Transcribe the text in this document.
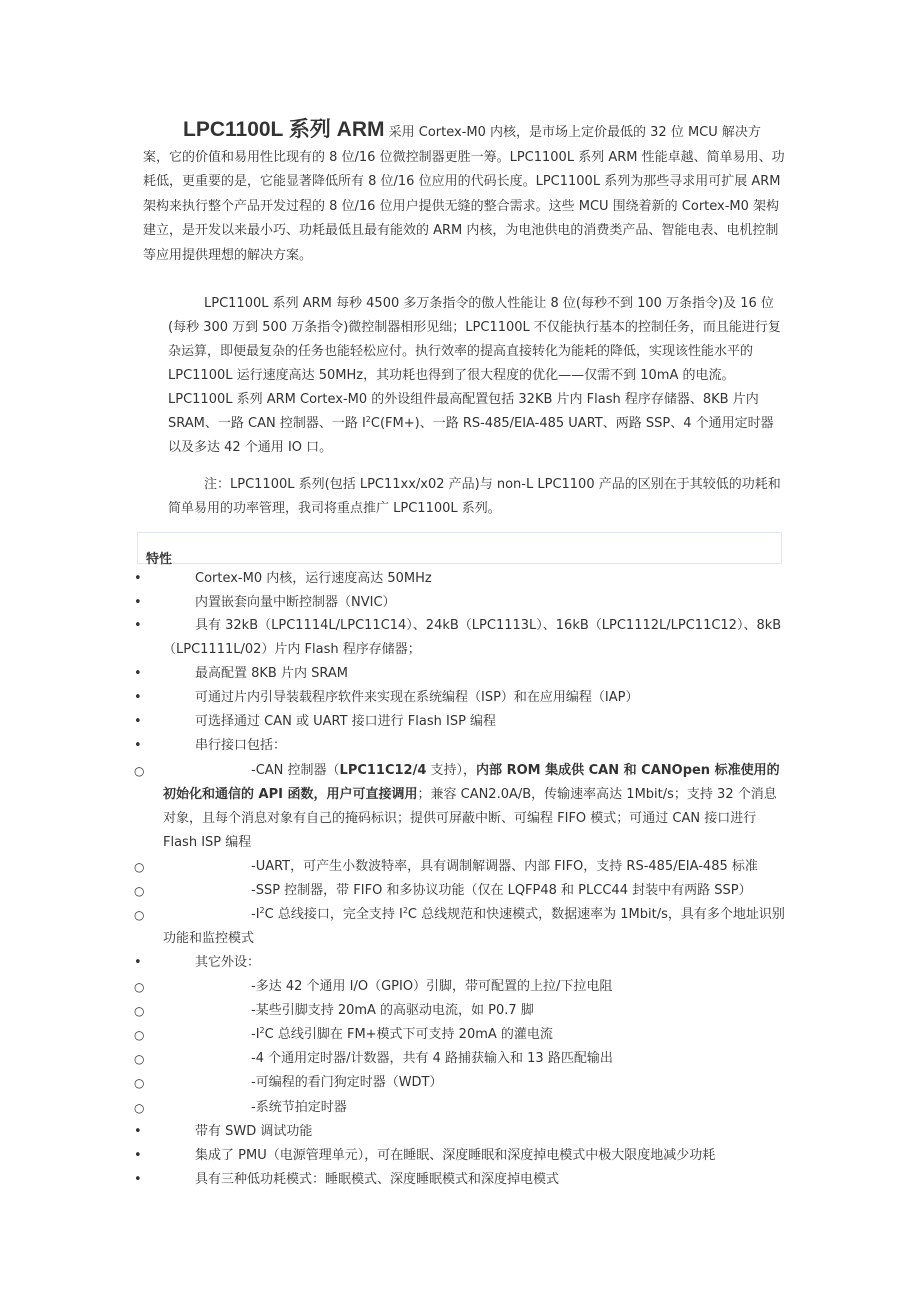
LPC1100L 系列 ARM 采用 Cortex-M0 内核，是市场上定价最低的 32 位 MCU 解决方案，它的价值和易用性比现有的 8 位/16 位微控制器更胜一筹。LPC1100L 系列 ARM 性能卓越、简单易用、功耗低，更重要的是，它能显著降低所有 8 位/16 位应用的代码长度。LPC1100L 系列为那些寻求用可扩展 ARM 架构来执行整个产品开发过程的 8 位/16 位用户提供无缝的整合需求。这些 MCU 围绕着新的 Cortex-M0 架构建立，是开发以来最小巧、功耗最低且最有能效的 ARM 内核，为电池供电的消费类产品、智能电表、电机控制等应用提供理想的解决方案。

LPC1100L 系列 ARM 每秒 4500 多万条指令的傲人性能让 8 位(每秒不到 100 万条指令)及 16 位(每秒 300 万到 500 万条指令)微控制器相形见绌；LPC1100L 不仅能执行基本的控制任务，而且能进行复杂运算，即便最复杂的任务也能轻松应付。执行效率的提高直接转化为能耗的降低，实现该性能水平的 LPC1100L 运行速度高达 50MHz，其功耗也得到了很大程度的优化——仅需不到 10mA 的电流。LPC1100L 系列 ARM Cortex-M0 的外设组件最高配置包括 32KB 片内 Flash 程序存储器、8KB 片内 SRAM、一路 CAN 控制器、一路 $I^2C(FM+)$、一路 RS-485/EIA-485 UART、两路 SSP、4 个通用定时器以及多达 42 个通用 IO 口。

注：LPC1100L 系列(包括 LPC11xx/x02 产品)与 non-L LPC1100 产品的区别在于其较低的功耗和简单易用的功率管理，我司将重点推广 LPC1100L 系列。

特性
•	Cortex-M0 内核，运行速度高达 50MHz

•	内置嵌套向量中断控制器（NVIC）

•	具有 32kB（LPC1114L/LPC11C14）、24kB（LPC1113L）、16kB（LPC1112L/LPC11C12）、8kB（LPC1111L/02）片内 Flash 程序存储器；

•	最高配置 8KB 片内 SRAM

•	可通过片内引导装载程序软件来实现在系统编程（ISP）和在应用编程（IAP）

•	可选择通过 CAN 或 UART 接口进行 Flash ISP 编程

•	串行接口包括：

○	-CAN 控制器（LPC11C12/4 支持），内部 ROM 集成供 CAN 和 CANOpen 标准使用的初始化和通信的 API 函数，用户可直接调用；兼容 CAN2.0A/B，传输速率高达 1Mbit/s；支持 32 个消息对象，且每个消息对象有自己的掩码标识；提供可屏蔽中断、可编程 FIFO 模式；可通过 CAN 接口进行 Flash ISP 编程

○	-UART，可产生小数波特率，具有调制解调器、内部 FIFO，支持 RS-485/EIA-485 标准

○	-SSP 控制器，带 FIFO 和多协议功能（仅在 LQFP48 和 PLCC44 封装中有两路 SSP）

○	$-I^2C$ 总线接口，完全支持 $I^2C$ 总线规范和快速模式，数据速率为 1Mbit/s，具有多个地址识别功能和监控模式

•	其它外设：

○	-多达 42 个通用 I/O（GPIO）引脚，带可配置的上拉/下拉电阻

○	-某些引脚支持 20mA 的高驱动电流，如 P0.7 脚

○	$-I^2C$ 总线引脚在 FM+模式下可支持 20mA 的灌电流

○	-4 个通用定时器/计数器，共有 4 路捕获输入和 13 路匹配输出

○	-可编程的看门狗定时器（WDT）

○	-系统节拍定时器

•	带有 SWD 调试功能

•	集成了 PMU（电源管理单元），可在睡眠、深度睡眠和深度掉电模式中极大限度地减少功耗

•	具有三种低功耗模式：睡眠模式、深度睡眠模式和深度掉电模式
